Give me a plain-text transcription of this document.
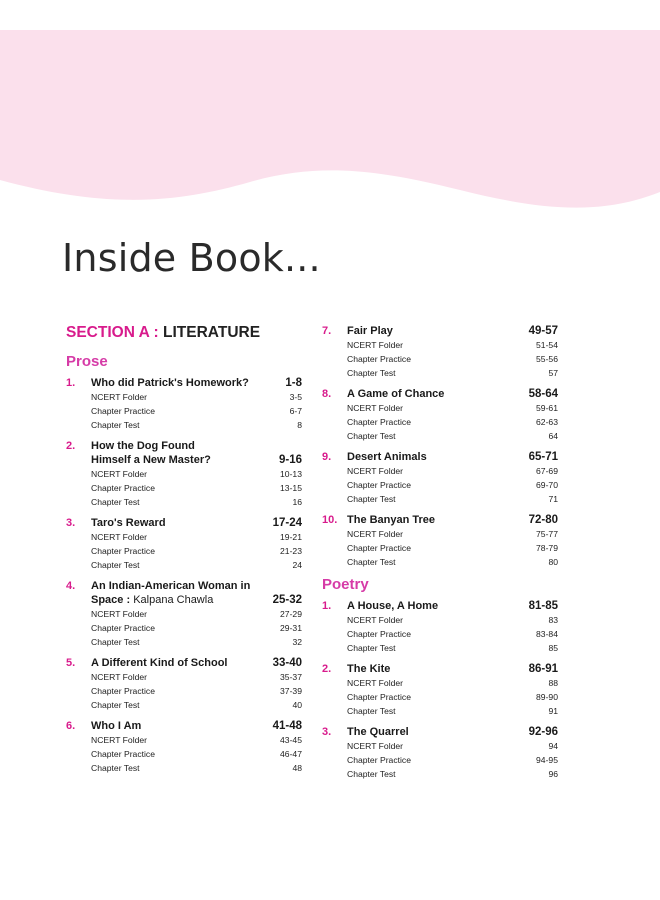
Inside Book...
SECTION A : LITERATURE
Prose
1.	Who did Patrick's Homework?	1-8
NCERT Folder	3-5
Chapter Practice	6-7
Chapter Test	8
2.	How the Dog Found
Himself a New Master?	9-16
NCERT Folder	10-13
Chapter Practice	13-15
Chapter Test	16
3.	Taro's Reward	17-24
NCERT Folder	19-21
Chapter Practice	21-23
Chapter Test	24
4.	An Indian-American Woman in
Space : Kalpana Chawla	25-32
NCERT Folder	27-29
Chapter Practice	29-31
Chapter Test	32
5.	A Different Kind of School	33-40
NCERT Folder	35-37
Chapter Practice	37-39
Chapter Test	40
6.	Who I Am	41-48
NCERT Folder	43-45
Chapter Practice	46-47
Chapter Test	48
7.	Fair Play	49-57
NCERT Folder	51-54
Chapter Practice	55-56
Chapter Test	57
8.	A Game of Chance	58-64
NCERT Folder	59-61
Chapter Practice	62-63
Chapter Test	64
9.	Desert Animals	65-71
NCERT Folder	67-69
Chapter Practice	69-70
Chapter Test	71
10. The Banyan Tree	72-80
NCERT Folder	75-77
Chapter Practice	78-79
Chapter Test	80
Poetry
1.	A House, A Home	81-85
NCERT Folder	83
Chapter Practice	83-84
Chapter Test	85
2.	The Kite	86-91
NCERT Folder	88
Chapter Practice	89-90
Chapter Test	91
3.	The Quarrel	92-96
NCERT Folder	94
Chapter Practice	94-95
Chapter Test	96
